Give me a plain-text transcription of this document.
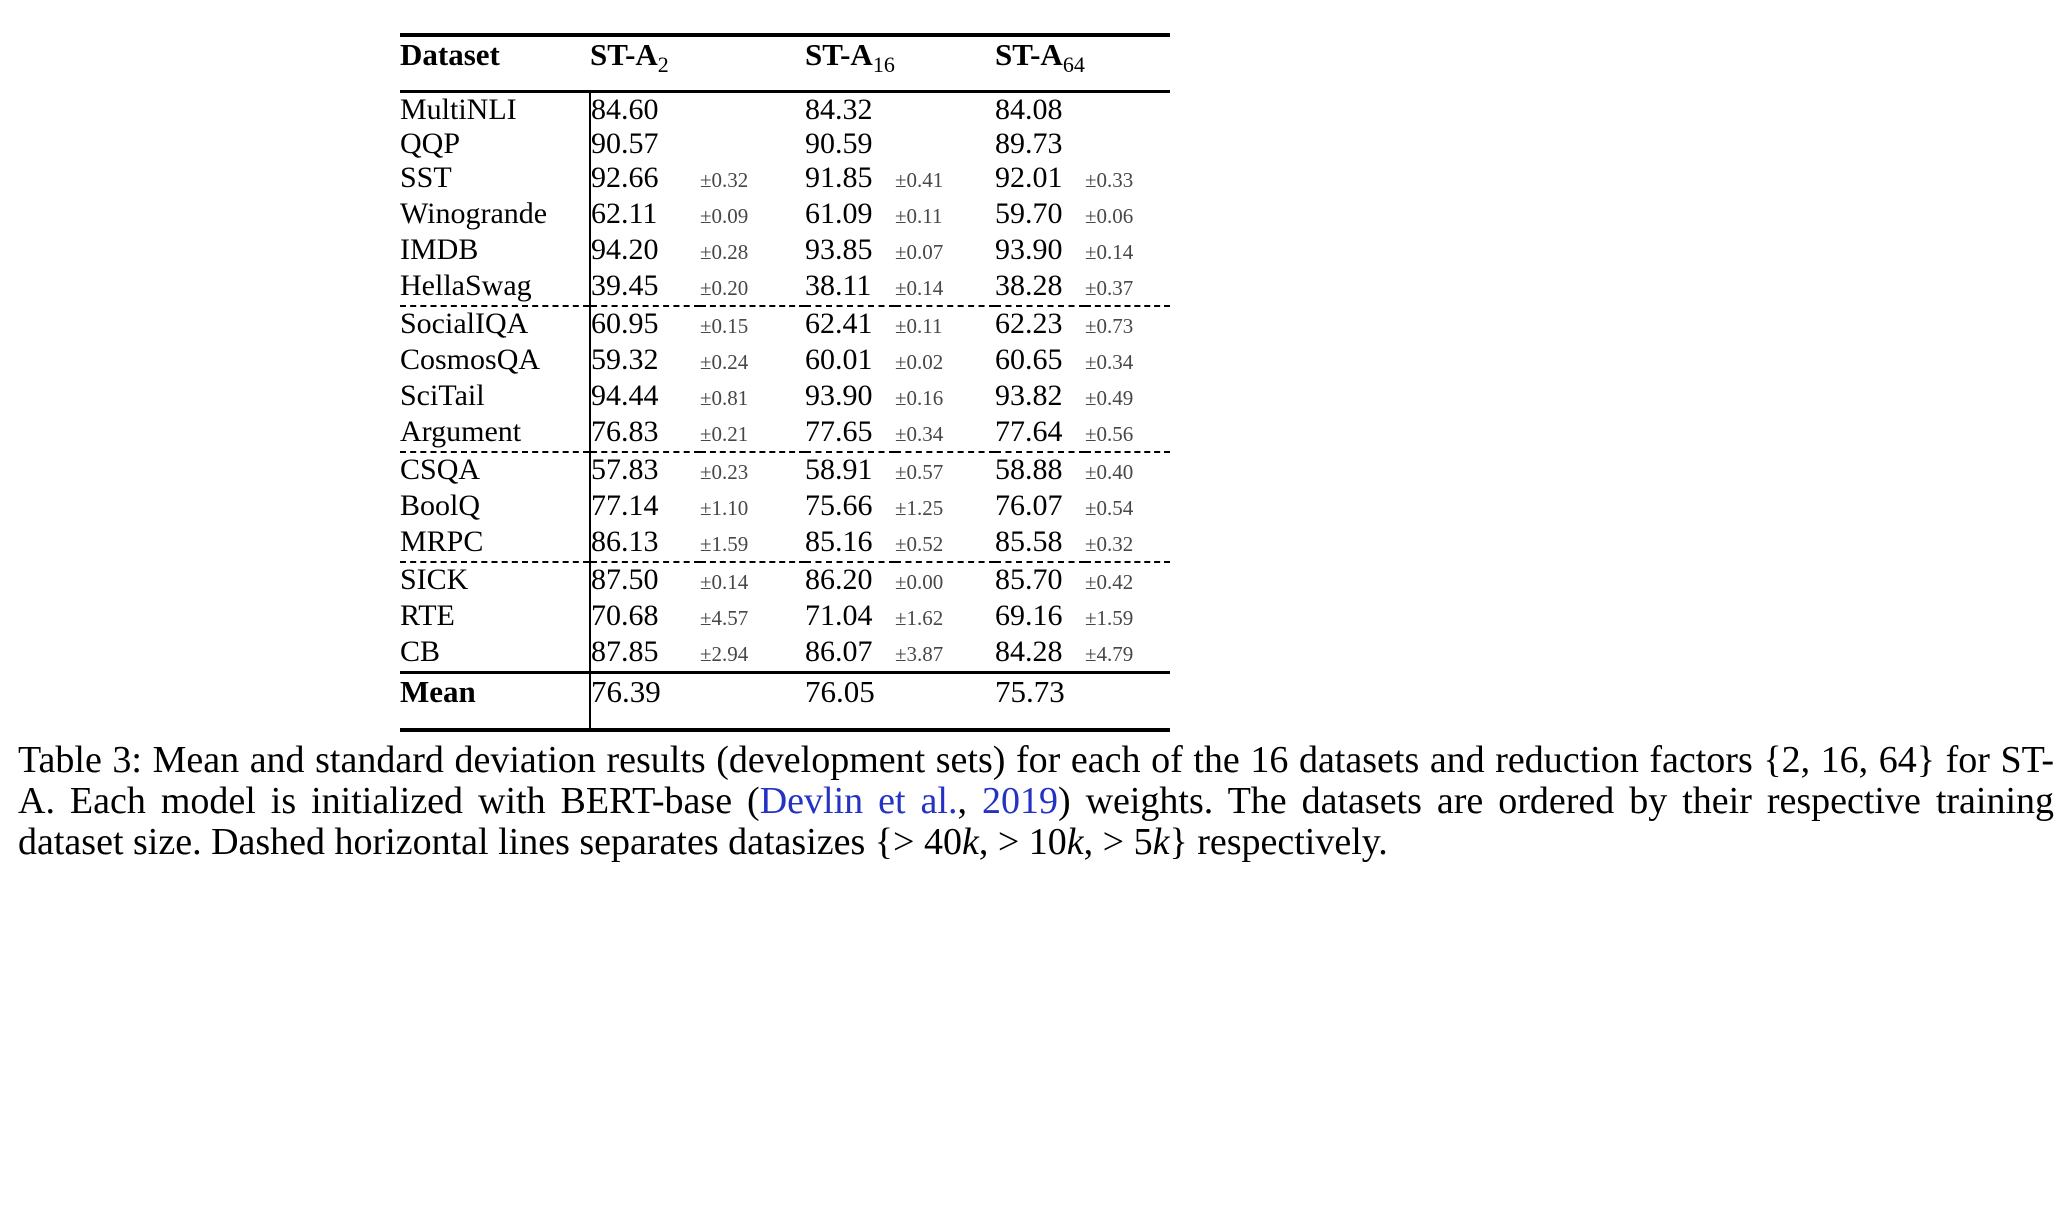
Dataset	$ST-A_2$		$ST-A_{16}$		$ST-A_{64}$
MultiNLI	84.60		84.32		84.08	
QQP	90.57		90.59		89.73	
SST	92.66	±0.32	91.85	±0.41	92.01	±0.33
Winogrande	62.11	±0.09	61.09	±0.11	59.70	±0.06
IMDB	94.20	±0.28	93.85	±0.07	93.90	±0.14
HellaSwag	39.45	±0.20	38.11	±0.14	38.28	±0.37
SocialIQA	60.95	±0.15	62.41	±0.11	62.23	±0.73
CosmosQA	59.32	±0.24	60.01	±0.02	60.65	±0.34
SciTail	94.44	±0.81	93.90	±0.16	93.82	±0.49
Argument	76.83	±0.21	77.65	±0.34	77.64	±0.56
CSQA	57.83	±0.23	58.91	±0.57	58.88	±0.40
BoolQ	77.14	±1.10	75.66	±1.25	76.07	±0.54
MRPC	86.13	±1.59	85.16	±0.52	85.58	±0.32
SICK	87.50	±0.14	86.20	±0.00	85.70	±0.42
RTE	70.68	±4.57	71.04	±1.62	69.16	±1.59
CB	87.85	±2.94	86.07	±3.87	84.28	±4.79
Mean	76.39		76.05		75.73	

Table 3: Mean and standard deviation results (development sets) for each of the 16 datasets and reduction factors {2, 16, 64} for ST-A. Each model is initialized with BERT-base (Devlin et al., 2019) weights. The datasets are ordered by their respective training dataset size. Dashed horizontal lines separates datasizes {> 40k, > 10k, > 5k} respectively.
